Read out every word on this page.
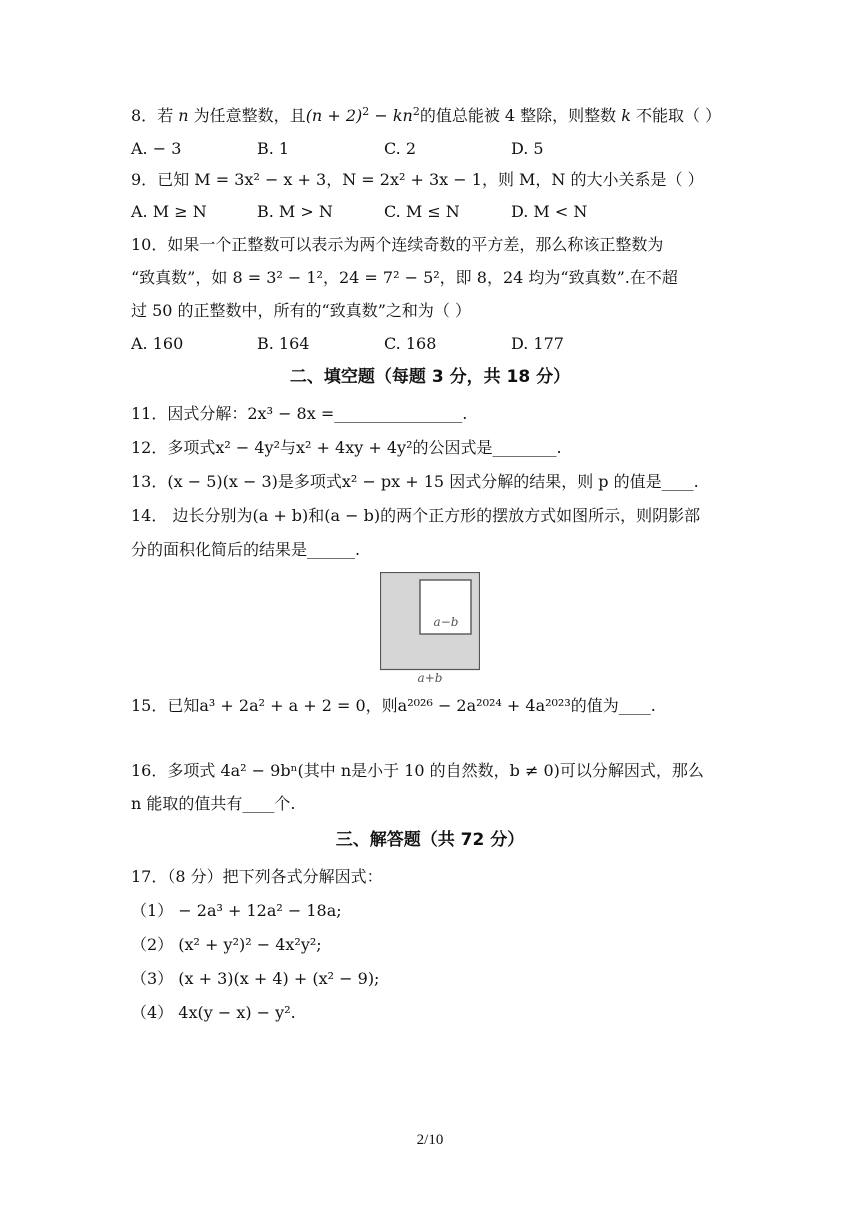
8．若 n 为任意整数，且$(n + 2)^2 - kn^2$的值总能被 4 整除，则整数 k 不能取（ ）
A. − 3	B. 1	C. 2	D. 5
9．已知 M = 3x² − x + 3，N = 2x² + 3x − 1，则 M，N 的大小关系是（ ）
A. M ≥ N	B. M > N	C. M ≤ N	D. M < N
10．如果一个正整数可以表示为两个连续奇数的平方差，那么称该正整数为
“致真数”，如 8 = 3² − 1²，24 = 7² − 5²，即 8，24 均为“致真数”.在不超
过 50 的正整数中，所有的“致真数”之和为（ ）
A. 160	B. 164	C. 168	D. 177
二、填空题（每题 3 分，共 18 分）
11．因式分解：2x³ − 8x =________________.
12．多项式x² − 4y²与x² + 4xy + 4y²的公因式是________.
13．(x − 5)(x − 3)是多项式x² − px + 15 因式分解的结果，则 p 的值是____.
14． 边长分别为(a + b)和(a − b)的两个正方形的摆放方式如图所示，则阴影部
分的面积化简后的结果是______.
a−b
a+b
15．已知a³ + 2a² + a + 2 = 0，则a²⁰²⁶ − 2a²⁰²⁴ + 4a²⁰²³的值为____.
16．多项式 4a² − 9bⁿ(其中 n是小于 10 的自然数，b ≠ 0)可以分解因式，那么
n 能取的值共有____个.
三、解答题（共 72 分）
17．（8 分）把下列各式分解因式：
（1） − 2a³ + 12a² − 18a;
（2） (x² + y²)² − 4x²y²;
（3） (x + 3)(x + 4) + (x² − 9);
（4） 4x(y − x) − y².
2/10
